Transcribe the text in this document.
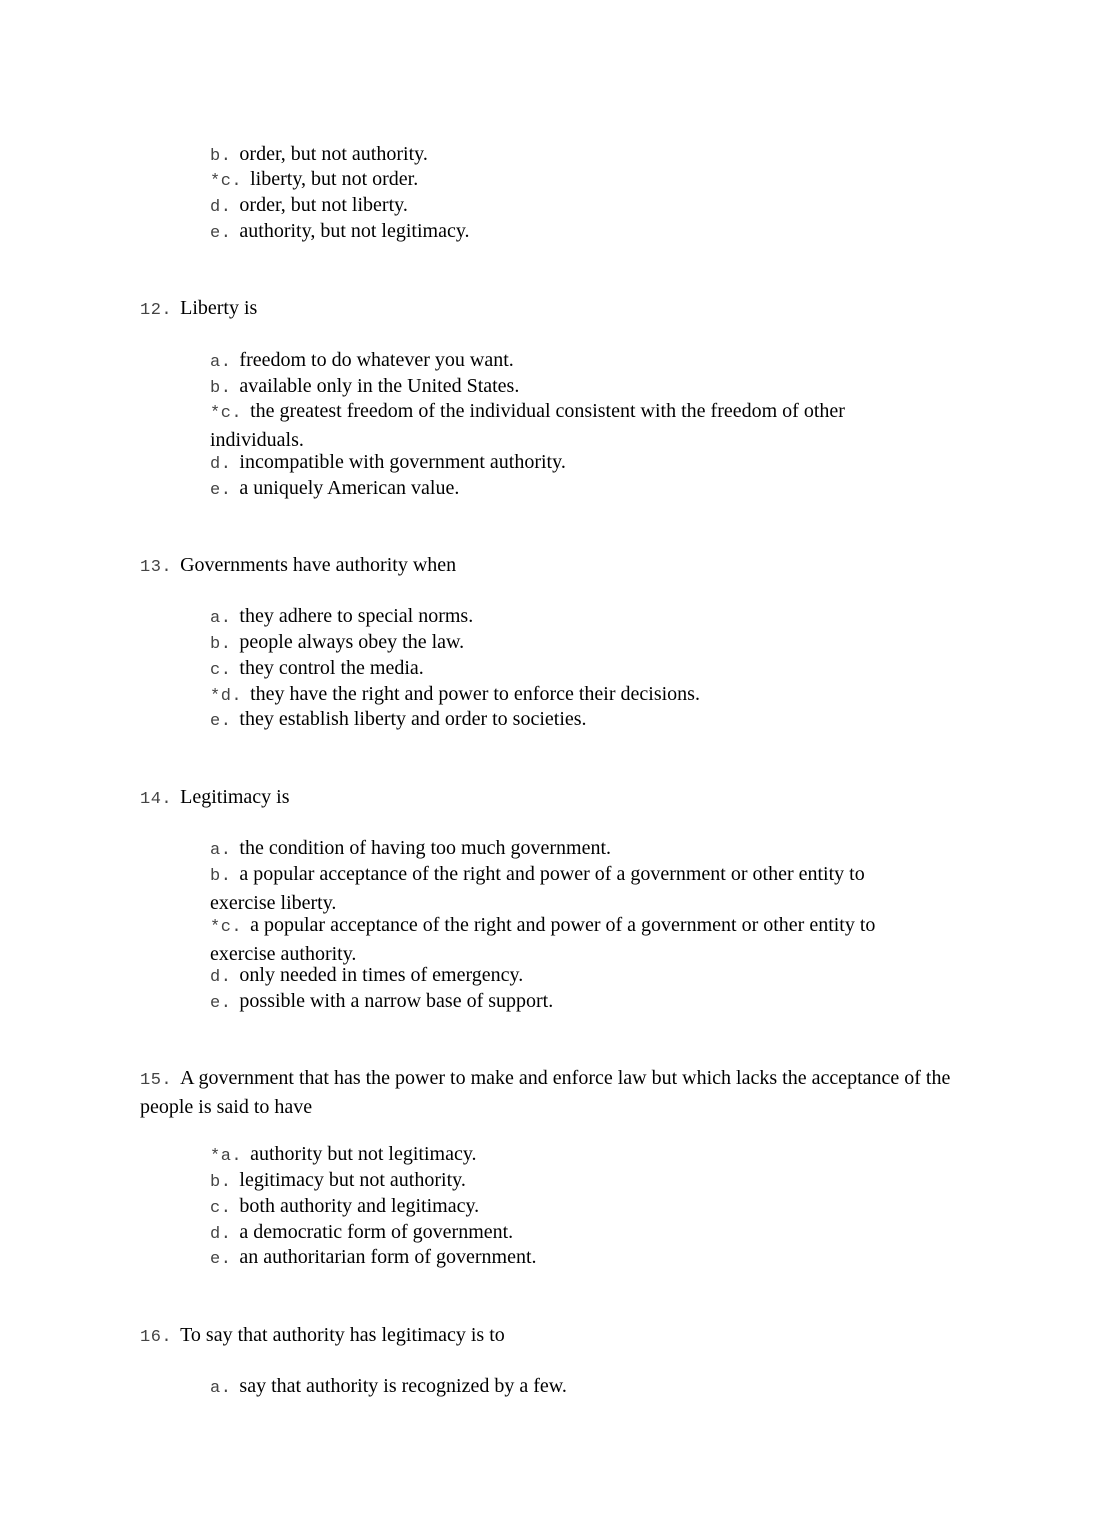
b. order, but not authority.
*c. liberty, but not order.
d. order, but not liberty.
e. authority, but not legitimacy.
12. Liberty is
a. freedom to do whatever you want.
b. available only in the United States.
*c. the greatest freedom of the individual consistent with the freedom of other individuals.
d. incompatible with government authority.
e. a uniquely American value.
13. Governments have authority when
a. they adhere to special norms.
b. people always obey the law.
c. they control the media.
*d. they have the right and power to enforce their decisions.
e. they establish liberty and order to societies.
14. Legitimacy is
a. the condition of having too much government.
b. a popular acceptance of the right and power of a government or other entity to exercise liberty.
*c. a popular acceptance of the right and power of a government or other entity to exercise authority.
d. only needed in times of emergency.
e. possible with a narrow base of support.
15. A government that has the power to make and enforce law but which lacks the acceptance of the people is said to have
*a. authority but not legitimacy.
b. legitimacy but not authority.
c. both authority and legitimacy.
d. a democratic form of government.
e. an authoritarian form of government.
16. To say that authority has legitimacy is to
a. say that authority is recognized by a few.
